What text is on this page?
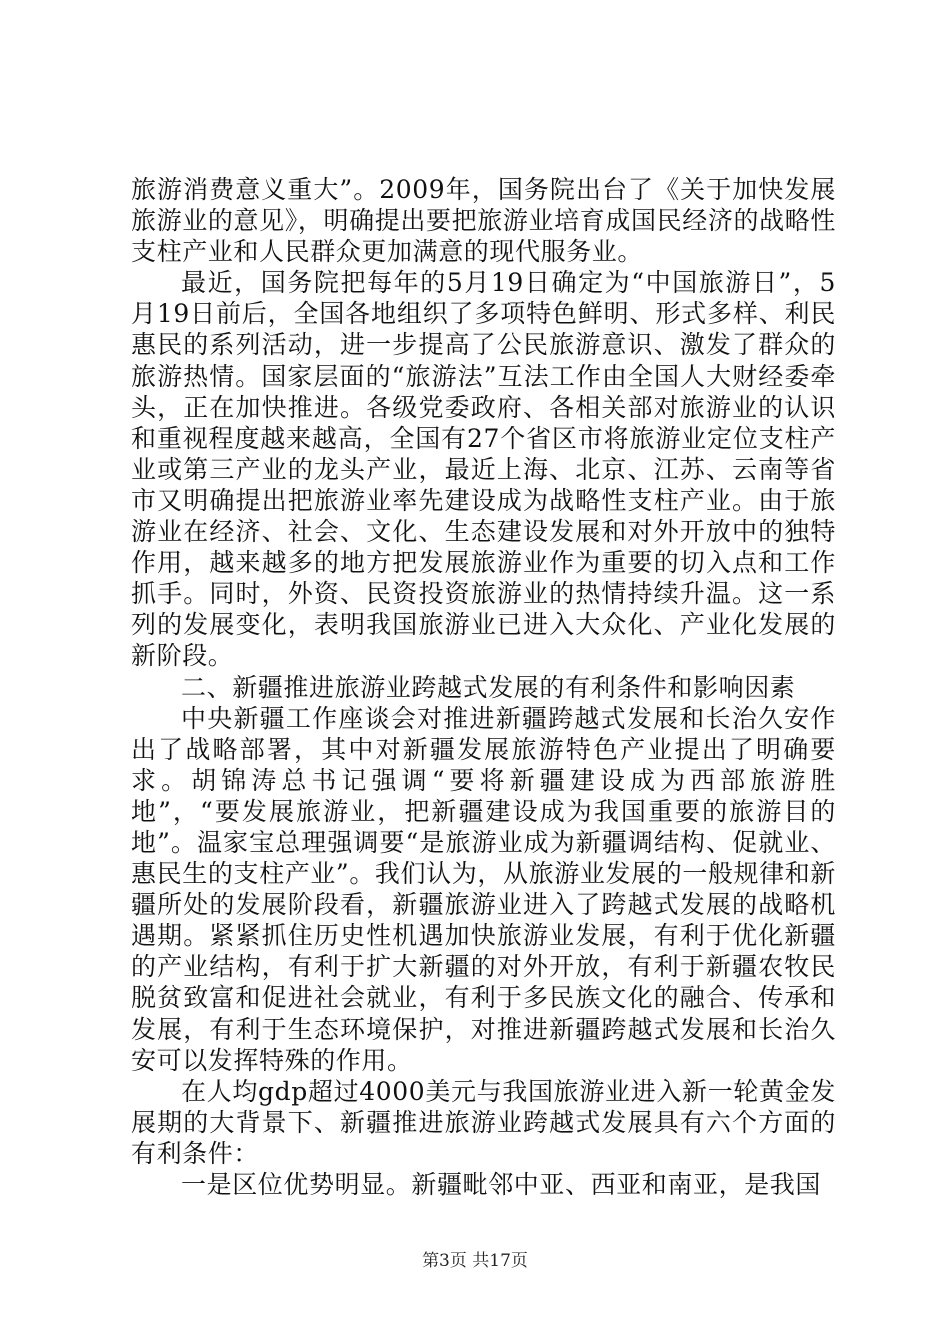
旅游消费意义重大”。2009年，国务院出台了《关于加快发展旅游业的意见》，明确提出要把旅游业培育成国民经济的战略性支柱产业和人民群众更加满意的现代服务业。

最近，国务院把每年的5月19日确定为“中国旅游日”，5月19日前后，全国各地组织了多项特色鲜明、形式多样、利民惠民的系列活动，进一步提高了公民旅游意识、激发了群众的旅游热情。国家层面的“旅游法”互法工作由全国人大财经委牵头，正在加快推进。各级党委政府、各相关部对旅游业的认识和重视程度越来越高，全国有27个省区市将旅游业定位支柱产业或第三产业的龙头产业，最近上海、北京、江苏、云南等省市又明确提出把旅游业率先建设成为战略性支柱产业。由于旅游业在经济、社会、文化、生态建设发展和对外开放中的独特作用，越来越多的地方把发展旅游业作为重要的切入点和工作抓手。同时，外资、民资投资旅游业的热情持续升温。这一系列的发展变化，表明我国旅游业已进入大众化、产业化发展的新阶段。

二、新疆推进旅游业跨越式发展的有利条件和影响因素

中央新疆工作座谈会对推进新疆跨越式发展和长治久安作出了战略部署，其中对新疆发展旅游特色产业提出了明确要求。胡锦涛总书记强调“要将新疆建设成为西部旅游胜地”，“要发展旅游业，把新疆建设成为我国重要的旅游目的地”。温家宝总理强调要“是旅游业成为新疆调结构、促就业、惠民生的支柱产业”。我们认为，从旅游业发展的一般规律和新疆所处的发展阶段看，新疆旅游业进入了跨越式发展的战略机遇期。紧紧抓住历史性机遇加快旅游业发展，有利于优化新疆的产业结构，有利于扩大新疆的对外开放，有利于新疆农牧民脱贫致富和促进社会就业，有利于多民族文化的融合、传承和发展，有利于生态环境保护，对推进新疆跨越式发展和长治久安可以发挥特殊的作用。

在人均gdp超过4000美元与我国旅游业进入新一轮黄金发展期的大背景下、新疆推进旅游业跨越式发展具有六个方面的有利条件：

一是区位优势明显。新疆毗邻中亚、西亚和南亚，是我国

第3页 共17页
